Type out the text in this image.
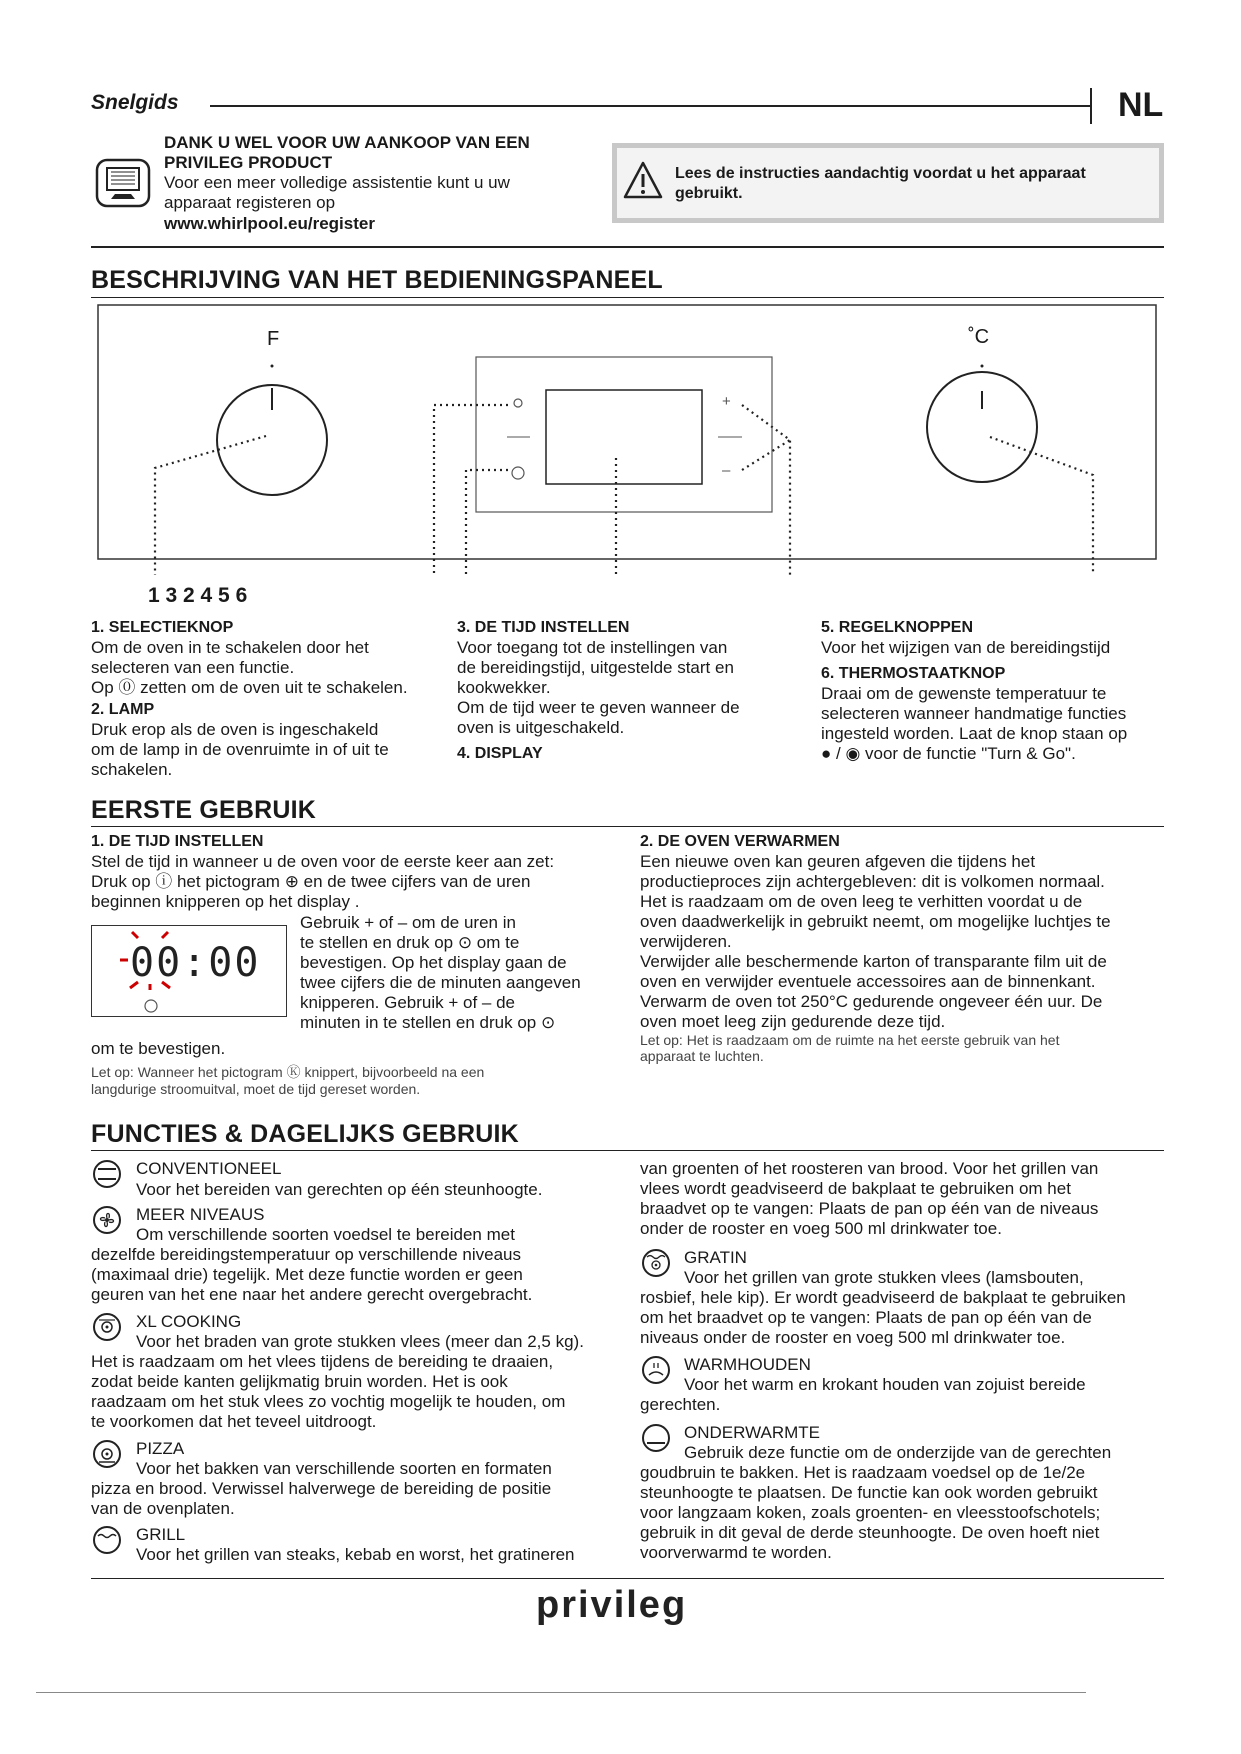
Snelgids	NL
DANK U WEL VOOR UW AANKOOP VAN EEN
PRIVILEG PRODUCT
Voor een meer volledige assistentie kunt u uw
apparaat registeren op
www.whirlpool.eu/register
Lees de instructies aandachtig voordat u het apparaat
gebruikt.
BESCHRIJVING VAN HET BEDIENINGSPANEEL
F	˚C
+
–
1 3 2 4 5 6

1. SELECTIEKNOP

Om de oven in te schakelen door het

selecteren van een functie.

Op ⓪ zetten om de oven uit te schakelen.

2. LAMP

Druk erop als de oven is ingeschakeld

om de lamp in de ovenruimte in of uit te

schakelen.

3. DE TIJD INSTELLEN

Voor toegang tot de instellingen van

de bereidingstijd, uitgestelde start en

kookwekker.

Om de tijd weer te geven wanneer de

oven is uitgeschakeld.

4. DISPLAY

5. REGELKNOPPEN

Voor het wijzigen van de bereidingstijd

6. THERMOSTAATKNOP

Draai om de gewenste temperatuur te

selecteren wanneer handmatige functies

ingesteld worden. Laat de knop staan op

● / ◉ voor de functie "Turn & Go".

EERSTE GEBRUIK

1. DE TIJD INSTELLEN

Stel de tijd in wanneer u de oven voor de eerste keer aan zet:

Druk op ⓘ het pictogram ⊕ en de twee cijfers van de uren

beginnen knipperen op het display .

00:00

Gebruik + of – om de uren in

te stellen en druk op ⊙ om te

bevestigen. Op het display gaan de

twee cijfers die de minuten aangeven

knipperen. Gebruik + of – de

minuten in te stellen en druk op ⊙

om te bevestigen.
Let op: Wanneer het pictogram Ⓚ knippert, bijvoorbeeld na een
langdurige stroomuitval, moet de tijd gereset worden.

2. DE OVEN VERWARMEN

Een nieuwe oven kan geuren afgeven die tijdens het

productieproces zijn achtergebleven: dit is volkomen normaal.

Het is raadzaam om de oven leeg te verhitten voordat u de

oven daadwerkelijk in gebruikt neemt, om mogelijke luchtjes te

verwijderen.

Verwijder alle beschermende karton of transparante film uit de

oven en verwijder eventuele accessoires aan de binnenkant.

Verwarm de oven tot 250°C gedurende ongeveer één uur. De

oven moet leeg zijn gedurende deze tijd.

Let op: Het is raadzaam om de ruimte na het eerste gebruik van het

apparaat te luchten.

FUNCTIES & DAGELIJKS GEBRUIK
CONVENTIONEEL
Voor het bereiden van gerechten op één steunhoogte.
MEER NIVEAUS

Om verschillende soorten voedsel te bereiden met

dezelfde bereidingstemperatuur op verschillende niveaus

(maximaal drie) tegelijk. Met deze functie worden er geen

geuren van het ene naar het andere gerecht overgebracht.

XL COOKING

Voor het braden van grote stukken vlees (meer dan 2,5 kg).

Het is raadzaam om het vlees tijdens de bereiding te draaien,

zodat beide kanten gelijkmatig bruin worden. Het is ook

raadzaam om het stuk vlees zo vochtig mogelijk te houden, om

te voorkomen dat het teveel uitdroogt.

PIZZA

Voor het bakken van verschillende soorten en formaten

pizza en brood. Verwissel halverwege de bereiding de positie

van de ovenplaten.

GRILL
Voor het grillen van steaks, kebab en worst, het gratineren

van groenten of het roosteren van brood. Voor het grillen van

vlees wordt geadviseerd de bakplaat te gebruiken om het

braadvet op te vangen: Plaats de pan op één van de niveaus

onder de rooster en voeg 500 ml drinkwater toe.

GRATIN

Voor het grillen van grote stukken vlees (lamsbouten,

rosbief, hele kip). Er wordt geadviseerd de bakplaat te gebruiken

om het braadvet op te vangen: Plaats de pan op één van de

niveaus onder de rooster en voeg 500 ml drinkwater toe.

WARMHOUDEN

Voor het warm en krokant houden van zojuist bereide

gerechten.

ONDERWARMTE

Gebruik deze functie om de onderzijde van de gerechten

goudbruin te bakken. Het is raadzaam voedsel op de 1e/2e

steunhoogte te plaatsen. De functie kan ook worden gebruikt

voor langzaam koken, zoals groenten- en vleesstoofschotels;

gebruik in dit geval de derde steunhoogte. De oven hoeft niet

voorverwarmd te worden.

privileg
